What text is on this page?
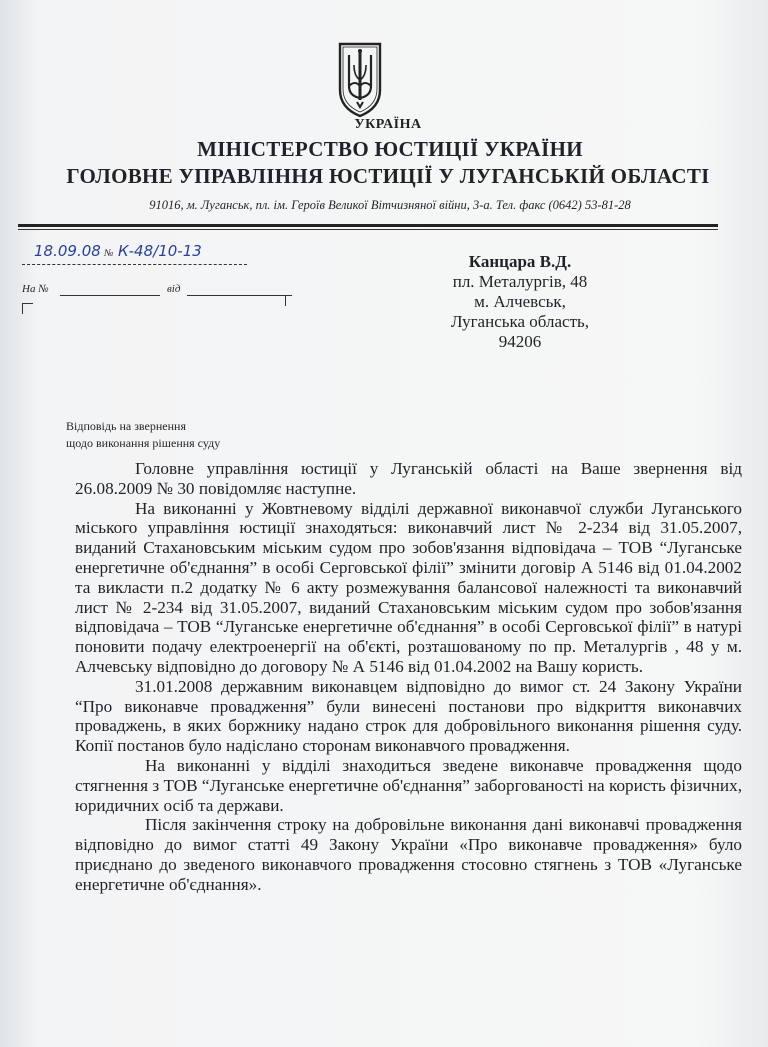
УКРАЇНА
МІНІСТЕРСТВО ЮСТИЦІЇ УКРАЇНИ
ГОЛОВНЕ УПРАВЛІННЯ ЮСТИЦІЇ У ЛУГАНСЬКІЙ ОБЛАСТІ
91016, м. Луганськ, пл. ім. Героїв Великої Вітчизняної війни, 3-а. Тел. факс (0642) 53-81-28
18.09.08 № К-48/10-13
На №	від
Канцара В.Д.
пл. Металургів, 48
м. Алчевськ,
Луганська область,
94206
Відповідь на звернення
щодо виконання рішення суду

Головне управління юстиції у Луганській області на Ваше звернення від 26.08.2009 № 30 повідомляє наступне.

На виконанні у Жовтневому відділі державної виконавчої служби Луганського міського управління юстиції знаходяться: виконавчий лист № 2-234 від 31.05.2007, виданий Стахановським міським судом про зобов'язання відповідача – ТОВ “Луганське енергетичне об'єднання” в особі Серговської філії” змінити договір А 5146 від 01.04.2002 та викласти п.2 додатку № 6 акту розмежування балансової належності та виконавчий лист № 2-234 від 31.05.2007, виданий Стахановським міським судом про зобов'язання відповідача – ТОВ “Луганське енергетичне об'єднання” в особі Серговської філії” в натурі поновити подачу електроенергії на об'єкті, розташованому по пр. Металургів , 48 у м. Алчевську відповідно до договору № А 5146 від 01.04.2002 на Вашу користь.

31.01.2008 державним виконавцем відповідно до вимог ст. 24 Закону України “Про виконавче провадження” були винесені постанови про відкриття виконавчих проваджень, в яких боржнику надано строк для добровільного виконання рішення суду. Копії постанов було надіслано сторонам виконавчого провадження.

На виконанні у відділі знаходиться зведене виконавче провадження щодо стягнення з ТОВ “Луганське енергетичне об'єднання” заборгованості на користь фізичних, юридичних осіб та держави.

Після закінчення строку на добровільне виконання дані виконавчі провадження відповідно до вимог статті 49 Закону України «Про виконавче провадження» було приєднано до зведеного виконавчого провадження стосовно стягнень з ТОВ «Луганське енергетичне об'єднання».
